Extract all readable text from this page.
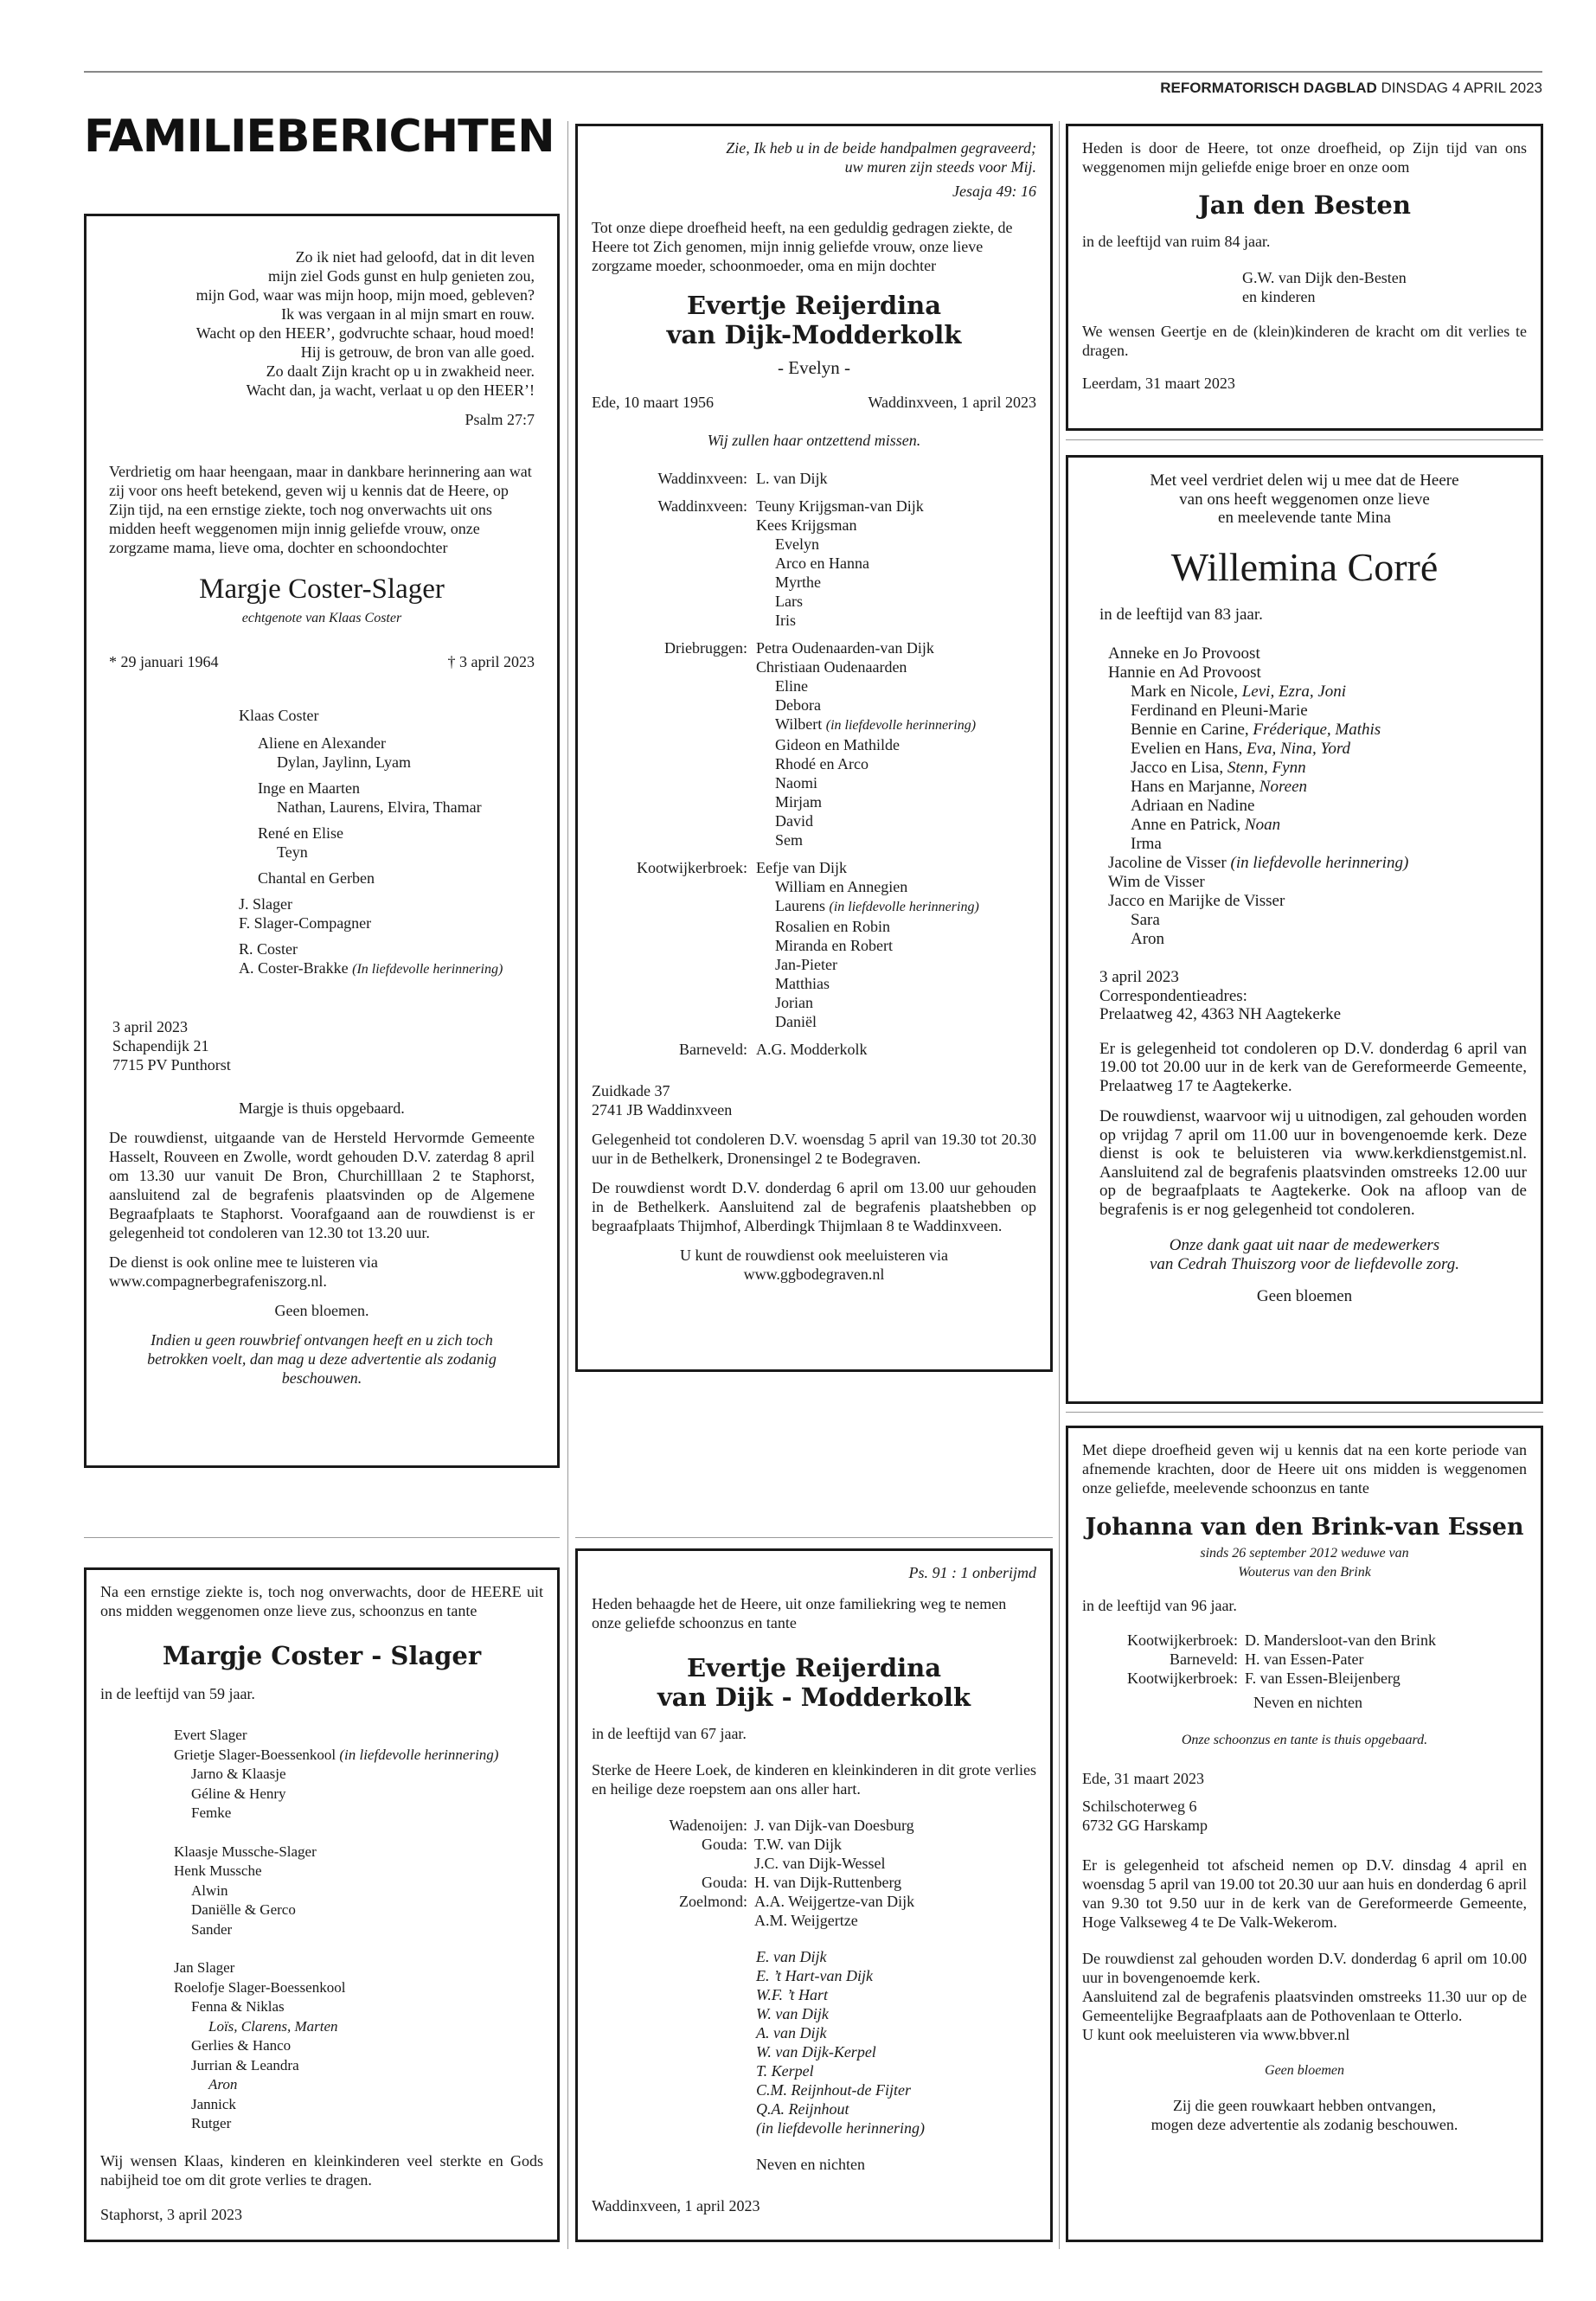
REFORMATORISCH DAGBLAD DINSDAG 4 APRIL 2023
FAMILIEBERICHTEN
Zo ik niet had geloofd, dat in dit leven
mijn ziel Gods gunst en hulp genieten zou,
mijn God, waar was mijn hoop, mijn moed, gebleven?
Ik was vergaan in al mijn smart en rouw.
Wacht op den HEER’, godvruchte schaar, houd moed!
Hij is getrouw, de bron van alle goed.
Zo daalt Zijn kracht op u in zwakheid neer.
Wacht dan, ja wacht, verlaat u op den HEER’!
Psalm 27:7

Verdrietig om haar heengaan, maar in dankbare herinnering aan wat zij voor ons heeft betekend, geven wij u kennis dat de Heere, op Zijn tijd, na een ernstige ziekte, toch nog onverwachts uit ons midden heeft weggenomen mijn innig geliefde vrouw, onze zorgzame mama, lieve oma, dochter en schoondochter

Margje Coster-Slager
echtgenote van Klaas Coster
* 29 januari 1964	† 3 april 2023
Klaas Coster
Aliene en Alexander
Dylan, Jaylinn, Lyam
Inge en Maarten
Nathan, Laurens, Elvira, Thamar
René en Elise
Teyn
Chantal en Gerben
J. Slager
F. Slager-Compagner
R. Coster
A. Coster-Brakke (In liefdevolle herinnering)
3 april 2023
Schapendijk 21
7715 PV Punthorst

Margje is thuis opgebaard.

De rouwdienst, uitgaande van de Hersteld Hervormde Gemeente Hasselt, Rouveen en Zwolle, wordt gehouden D.V. zaterdag 8 april om 13.30 uur vanuit De Bron, Churchilllaan 2 te Staphorst, aansluitend zal de begrafenis plaatsvinden op de Algemene Begraafplaats te Staphorst. Voorafgaand aan de rouwdienst is er gelegenheid tot condoleren van 12.30 tot 13.20 uur.

De dienst is ook online mee te luisteren via www.compagnerbegrafeniszorg.nl.

Geen bloemen.

Indien u geen rouwbrief ontvangen heeft en u zich toch betrokken voelt, dan mag u deze advertentie als zodanig beschouwen.

Zie, Ik heb u in de beide handpalmen gegraveerd;
uw muren zijn steeds voor Mij.
Jesaja 49: 16

Tot onze diepe droefheid heeft, na een geduldig gedragen ziekte, de Heere tot Zich genomen, mijn innig geliefde vrouw, onze lieve zorgzame moeder, schoonmoeder, oma en mijn dochter

Evertje Reijerdina
van Dijk-Modderkolk
- Evelyn -
Ede, 10 maart 1956	Waddinxveen, 1 april 2023

Wij zullen haar ontzettend missen.

Waddinxveen: L. van Dijk
Waddinxveen: Teuny Krijgsman-van Dijk
Kees Krijgsman
Evelyn
Arco en Hanna
Myrthe
Lars
Iris
Driebruggen: Petra Oudenaarden-van Dijk
Christiaan Oudenaarden
Eline
Debora
Wilbert (in liefdevolle herinnering)
Gideon en Mathilde
Rhodé en Arco
Naomi
Mirjam
David
Sem
Kootwijkerbroek: Eefje van Dijk
William en Annegien
Laurens (in liefdevolle herinnering)
Rosalien en Robin
Miranda en Robert
Jan-Pieter
Matthias
Jorian
Daniël
Barneveld: A.G. Modderkolk
Zuidkade 37
2741 JB Waddinxveen

Gelegenheid tot condoleren D.V. woensdag 5 april van 19.30 tot 20.30 uur in de Bethelkerk, Dronensingel 2 te Bodegraven.

De rouwdienst wordt D.V. donderdag 6 april om 13.00 uur gehouden in de Bethelkerk. Aansluitend zal de begrafenis plaatshebben op begraafplaats Thijmhof, Alberdingk Thijmlaan 8 te Waddinxveen.

U kunt de rouwdienst ook meeluisteren via
www.ggbodegraven.nl

Heden is door de Heere, tot onze droefheid, op Zijn tijd van ons weggenomen mijn geliefde enige broer en onze oom

Jan den Besten

in de leeftijd van ruim 84 jaar.

G.W. van Dijk den-Besten
en kinderen

We wensen Geertje en de (klein)kinderen de kracht om dit verlies te dragen.

Leerdam, 31 maart 2023

Met veel verdriet delen wij u mee dat de Heere
van ons heeft weggenomen onze lieve
en meelevende tante Mina
Willemina Corré
in de leeftijd van 83 jaar.
Anneke en Jo Provoost
Hannie en Ad Provoost
Mark en Nicole, Levi, Ezra, Joni
Ferdinand en Pleuni-Marie
Bennie en Carine, Fréderique, Mathis
Evelien en Hans, Eva, Nina, Yord
Jacco en Lisa, Stenn, Fynn
Hans en Marjanne, Noreen
Adriaan en Nadine
Anne en Patrick, Noan
Irma
Jacoline de Visser (in liefdevolle herinnering)
Wim de Visser
Jacco en Marijke de Visser
Sara
Aron
3 april 2023
Correspondentieadres:
Prelaatweg 42, 4363 NH Aagtekerke

Er is gelegenheid tot condoleren op D.V. donderdag 6 april van 19.00 tot 20.00 uur in de kerk van de Gereformeerde Gemeente, Prelaatweg 17 te Aagtekerke.

De rouwdienst, waarvoor wij u uitnodigen, zal gehouden worden op vrijdag 7 april om 11.00 uur in bovengenoemde kerk. Deze dienst is ook te beluisteren via www.kerkdienstgemist.nl. Aansluitend zal de begrafenis plaatsvinden omstreeks 12.00 uur op de begraafplaats te Aagtekerke. Ook na afloop van de begrafenis is er nog gelegenheid tot condoleren.

Onze dank gaat uit naar de medewerkers
van Cedrah Thuiszorg voor de liefdevolle zorg.

Geen bloemen

Na een ernstige ziekte is, toch nog onverwachts, door de HEERE uit ons midden weggenomen onze lieve zus, schoonzus en tante

Margje Coster - Slager

in de leeftijd van 59 jaar.

Evert Slager
Grietje Slager-Boessenkool (in liefdevolle herinnering)
Jarno & Klaasje
Géline & Henry
Femke
Klaasje Mussche-Slager
Henk Mussche
Alwin
Daniëlle & Gerco
Sander
Jan Slager
Roelofje Slager-Boessenkool
Fenna & Niklas
Loïs, Clarens, Marten
Gerlies & Hanco
Jurrian & Leandra
Aron
Jannick
Rutger

Wij wensen Klaas, kinderen en kleinkinderen veel sterkte en Gods nabijheid toe om dit grote verlies te dragen.

Staphorst, 3 april 2023

Ps. 91 : 1 onberijmd

Heden behaagde het de Heere, uit onze familiekring weg te nemen onze geliefde schoonzus en tante

Evertje Reijerdina
van Dijk - Modderkolk

in de leeftijd van 67 jaar.

Sterke de Heere Loek, de kinderen en kleinkinderen in dit grote verlies en heilige deze roepstem aan ons aller hart.

Wadenoijen: J. van Dijk-van Doesburg
Gouda: T.W. van Dijk
J.C. van Dijk-Wessel
Gouda: H. van Dijk-Ruttenberg
Zoelmond: A.A. Weijgertze-van Dijk
A.M. Weijgertze
E. van Dijk
E. ’t Hart-van Dijk
W.F. ’t Hart
W. van Dijk
A. van Dijk
W. van Dijk-Kerpel
T. Kerpel
C.M. Reijnhout-de Fijter
Q.A. Reijnhout
(in liefdevolle herinnering)
Neven en nichten

Waddinxveen, 1 april 2023

Met diepe droefheid geven wij u kennis dat na een korte periode van afnemende krachten, door de Heere uit ons midden is weggenomen onze geliefde, meelevende schoonzus en tante

Johanna van den Brink-van Essen
sinds 26 september 2012 weduwe van
Wouterus van den Brink

in de leeftijd van 96 jaar.

Kootwijkerbroek: D. Mandersloot-van den Brink
Barneveld: H. van Essen-Pater
Kootwijkerbroek: F. van Essen-Bleijenberg
Neven en nichten

Onze schoonzus en tante is thuis opgebaard.

Ede, 31 maart 2023
Schilschoterweg 6
6732 GG Harskamp

Er is gelegenheid tot afscheid nemen op D.V. dinsdag 4 april en woensdag 5 april van 19.00 tot 20.30 uur aan huis en donderdag 6 april van 9.30 tot 9.50 uur in de kerk van de Gereformeerde Gemeente, Hoge Valkseweg 4 te De Valk-Wekerom.

De rouwdienst zal gehouden worden D.V. donderdag 6 april om 10.00 uur in bovengenoemde kerk.
Aansluitend zal de begrafenis plaatsvinden omstreeks 11.30 uur op de Gemeentelijke Begraafplaats aan de Pothovenlaan te Otterlo.
U kunt ook meeluisteren via www.bbver.nl

Geen bloemen

Zij die geen rouwkaart hebben ontvangen,
mogen deze advertentie als zodanig beschouwen.
